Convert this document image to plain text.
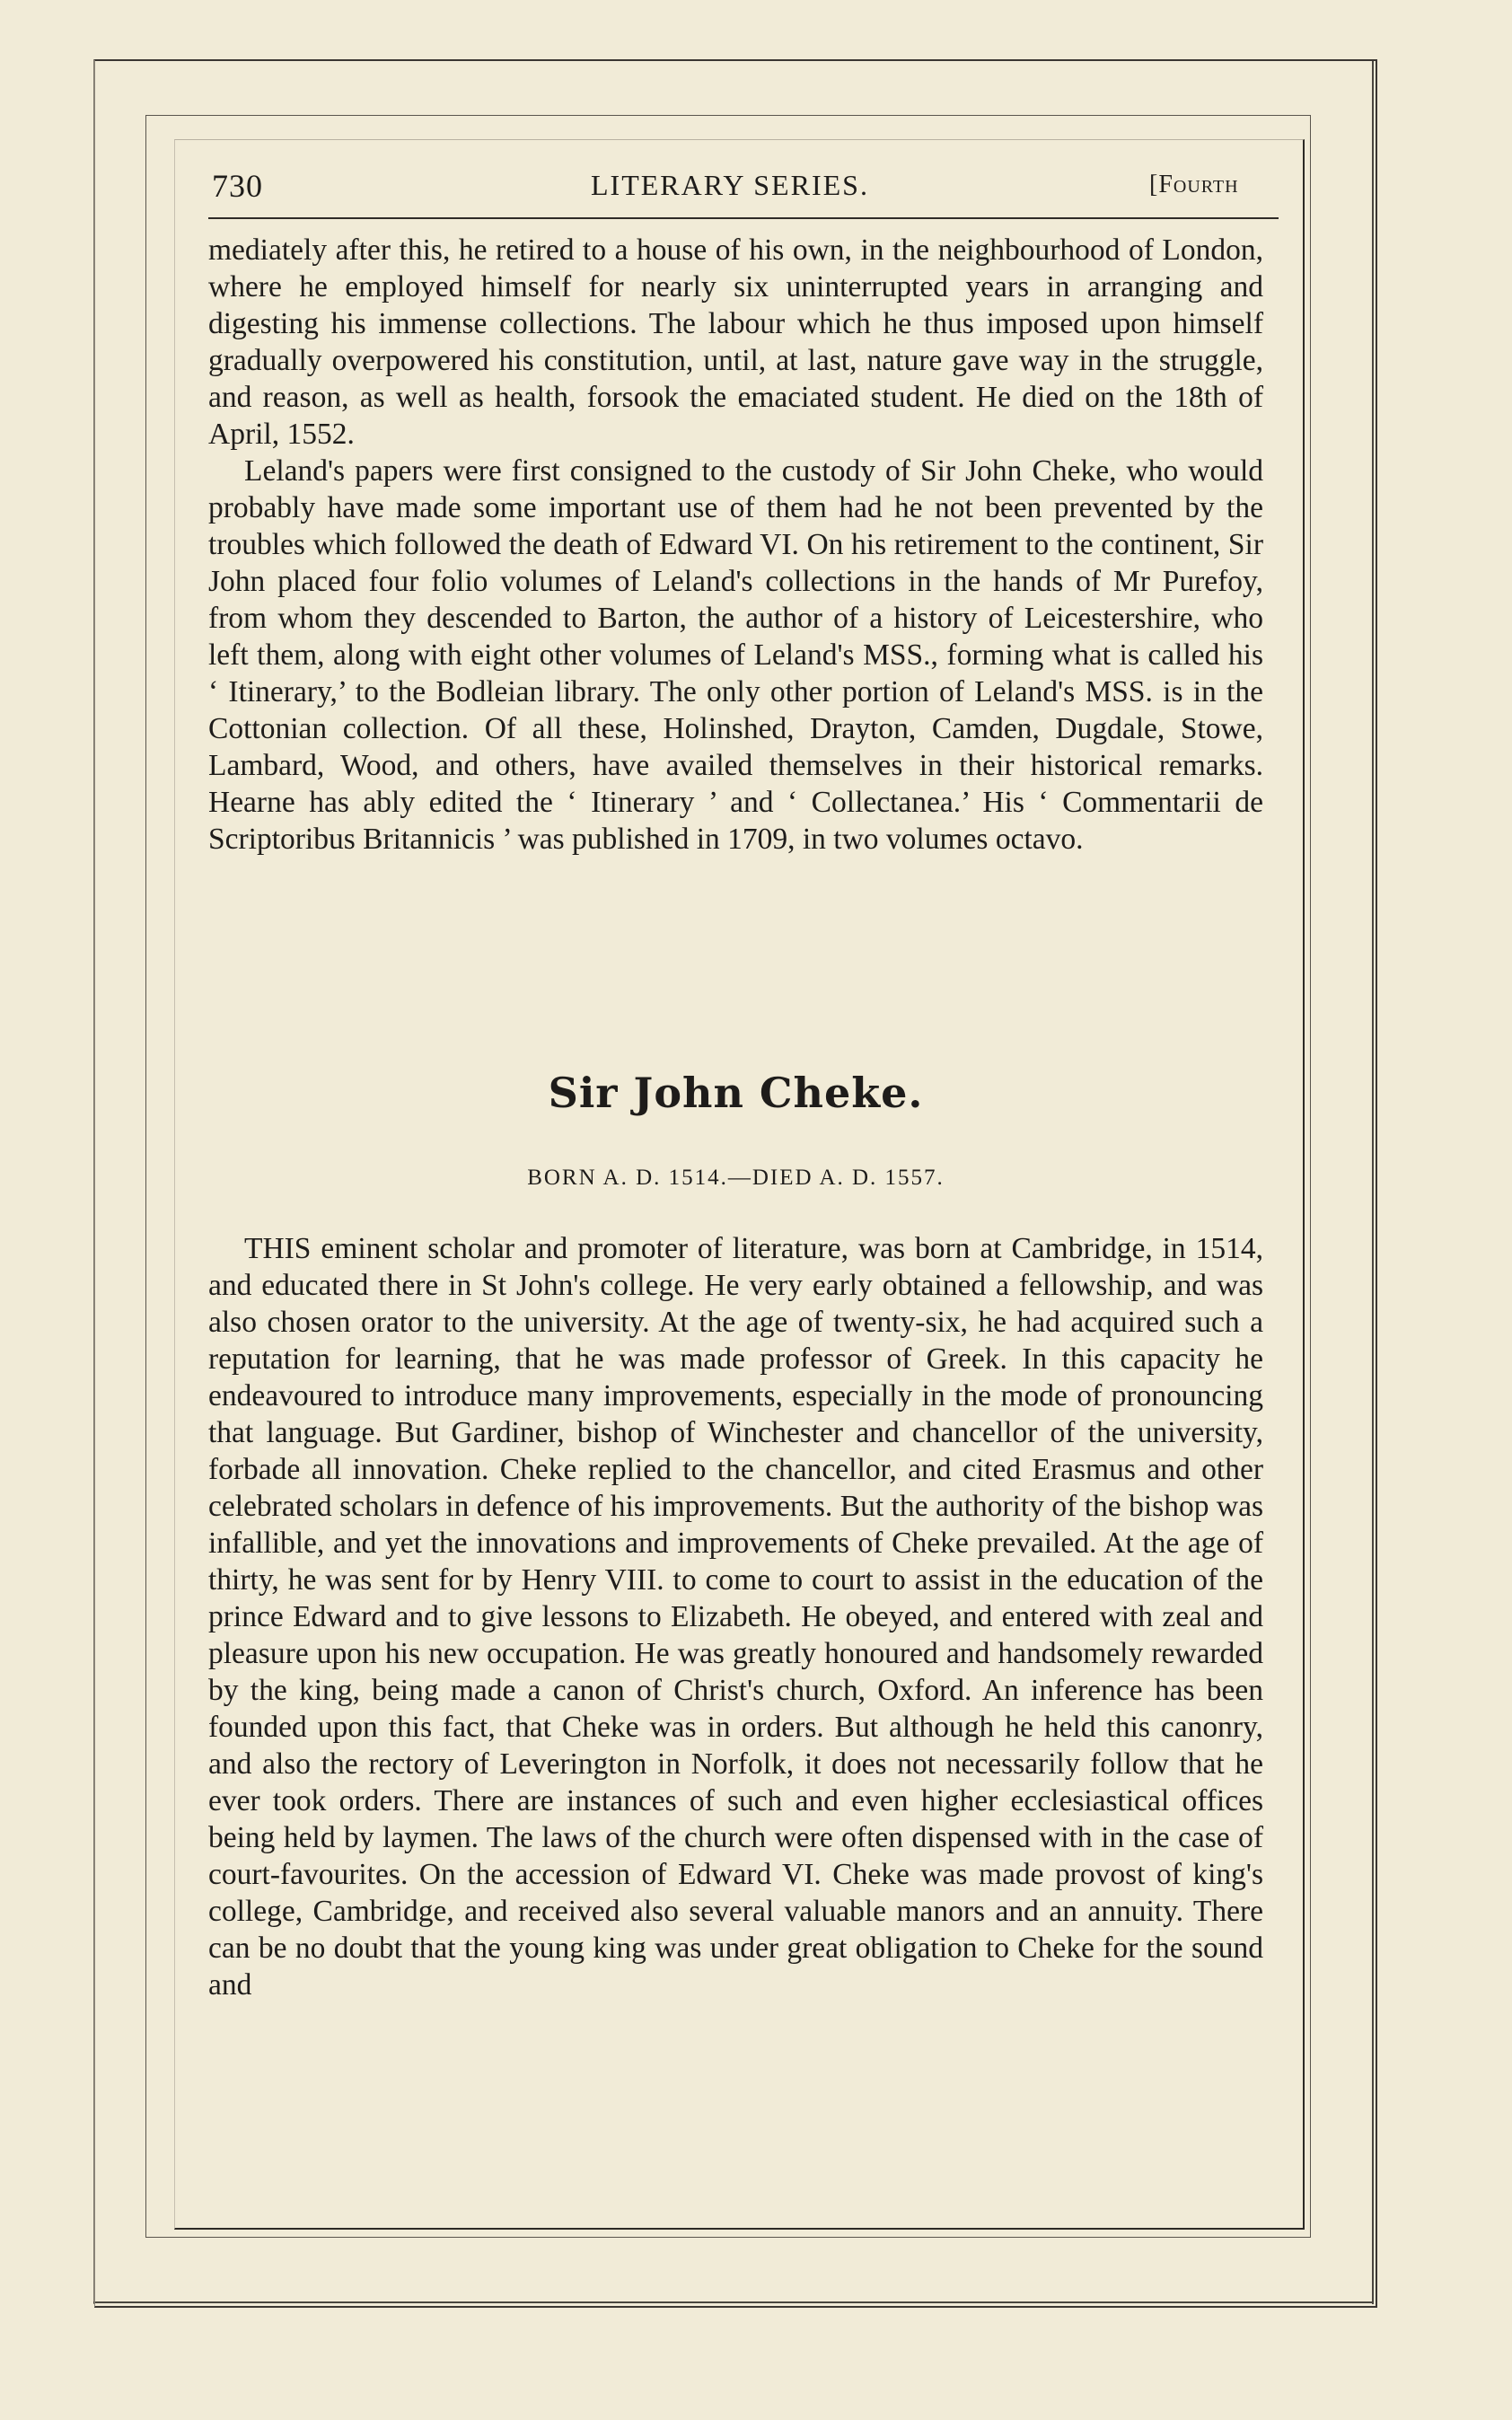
730	LITERARY SERIES.	[Fourth

mediately after this, he retired to a house of his own, in the neighbourhood of London, where he employed himself for nearly six uninterrupted years in arranging and digesting his immense collections. The labour which he thus imposed upon himself gradually overpowered his constitution, until, at last, nature gave way in the struggle, and reason, as well as health, forsook the emaciated student. He died on the 18th of April, 1552.

Leland's papers were first consigned to the custody of Sir John Cheke, who would probably have made some important use of them had he not been prevented by the troubles which followed the death of Edward VI. On his retirement to the continent, Sir John placed four folio volumes of Leland's collections in the hands of Mr Purefoy, from whom they descended to Barton, the author of a history of Leicestershire, who left them, along with eight other volumes of Leland's MSS., forming what is called his ‘ Itinerary,’ to the Bodleian library. The only other portion of Leland's MSS. is in the Cottonian collection. Of all these, Holinshed, Drayton, Camden, Dugdale, Stowe, Lambard, Wood, and others, have availed themselves in their historical remarks. Hearne has ably edited the ‘ Itinerary ’ and ‘ Collectanea.’ His ‘ Commentarii de Scriptoribus Britannicis ’ was published in 1709, in two volumes octavo.

Sir John Cheke.
BORN A. D. 1514.—DIED A. D. 1557.

THIS eminent scholar and promoter of literature, was born at Cambridge, in 1514, and educated there in St John's college. He very early obtained a fellowship, and was also chosen orator to the university. At the age of twenty-six, he had acquired such a reputation for learning, that he was made professor of Greek. In this capacity he endeavoured to introduce many improvements, especially in the mode of pronouncing that language. But Gardiner, bishop of Winchester and chancellor of the university, forbade all innovation. Cheke replied to the chancellor, and cited Erasmus and other celebrated scholars in defence of his improvements. But the authority of the bishop was infallible, and yet the innovations and improvements of Cheke prevailed. At the age of thirty, he was sent for by Henry VIII. to come to court to assist in the education of the prince Edward and to give lessons to Elizabeth. He obeyed, and entered with zeal and pleasure upon his new occupation. He was greatly honoured and handsomely rewarded by the king, being made a canon of Christ's church, Oxford. An inference has been founded upon this fact, that Cheke was in orders. But although he held this canonry, and also the rectory of Leverington in Norfolk, it does not necessarily follow that he ever took orders. There are instances of such and even higher ecclesiastical offices being held by laymen. The laws of the church were often dispensed with in the case of court-favourites. On the accession of Edward VI. Cheke was made provost of king's college, Cambridge, and received also several valuable manors and an annuity. There can be no doubt that the young king was under great obligation to Cheke for the sound and
